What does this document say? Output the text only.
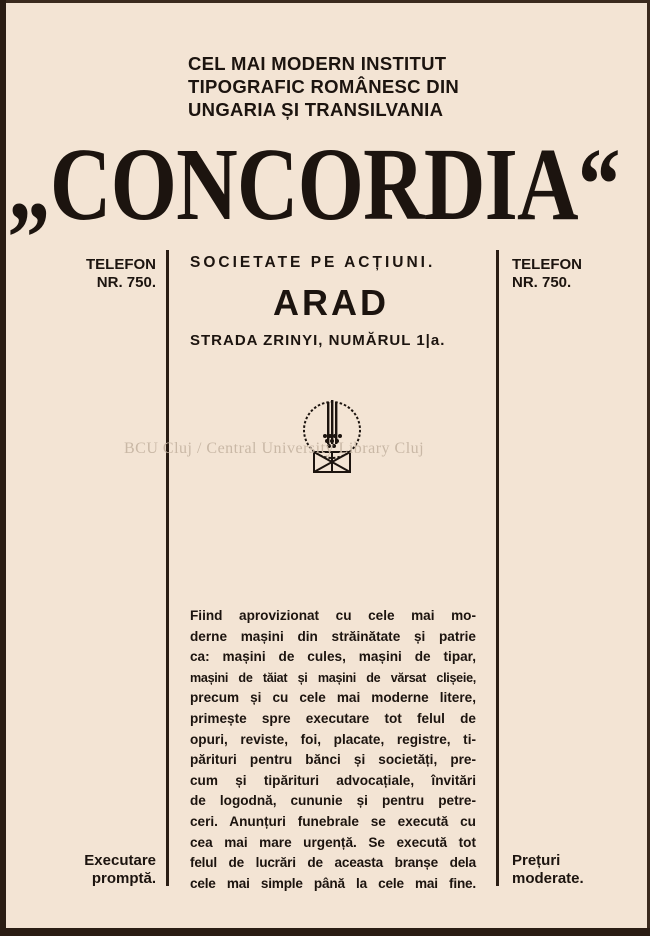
CEL MAI MODERN INSTITUT
TIPOGRAFIC ROMÂNESC DIN
UNGARIA ȘI TRANSILVANIA
„CONCORDIA“
TELEFON
NR. 750.
TELEFON
NR. 750.
Executare
promptă.
Prețuri
moderate.
SOCIETATE PE ACȚIUNI.
ARAD
STRADA ZRINYI, NUMĂRUL 1|a.
BCU Cluj / Central University Library Cluj
Fiind aprovizionat cu cele mai mo-
derne mașini din străinătate și patrie
ca: mașini de cules, mașini de tipar,
mașini de tăiat și mașini de vărsat clișeie,
precum și cu cele mai moderne litere,
primește spre executare tot felul de
opuri, reviste, foi, placate, registre, ti-
părituri pentru bănci și societăți, pre-
cum și tipărituri advocațiale, învitări
de logodnă, cununie și pentru petre-
ceri. Anunțuri funebrale se execută cu
cea mai mare urgență. Se execută tot
felul de lucrări de aceasta branșe dela
cele mai simple până la cele mai fine.
